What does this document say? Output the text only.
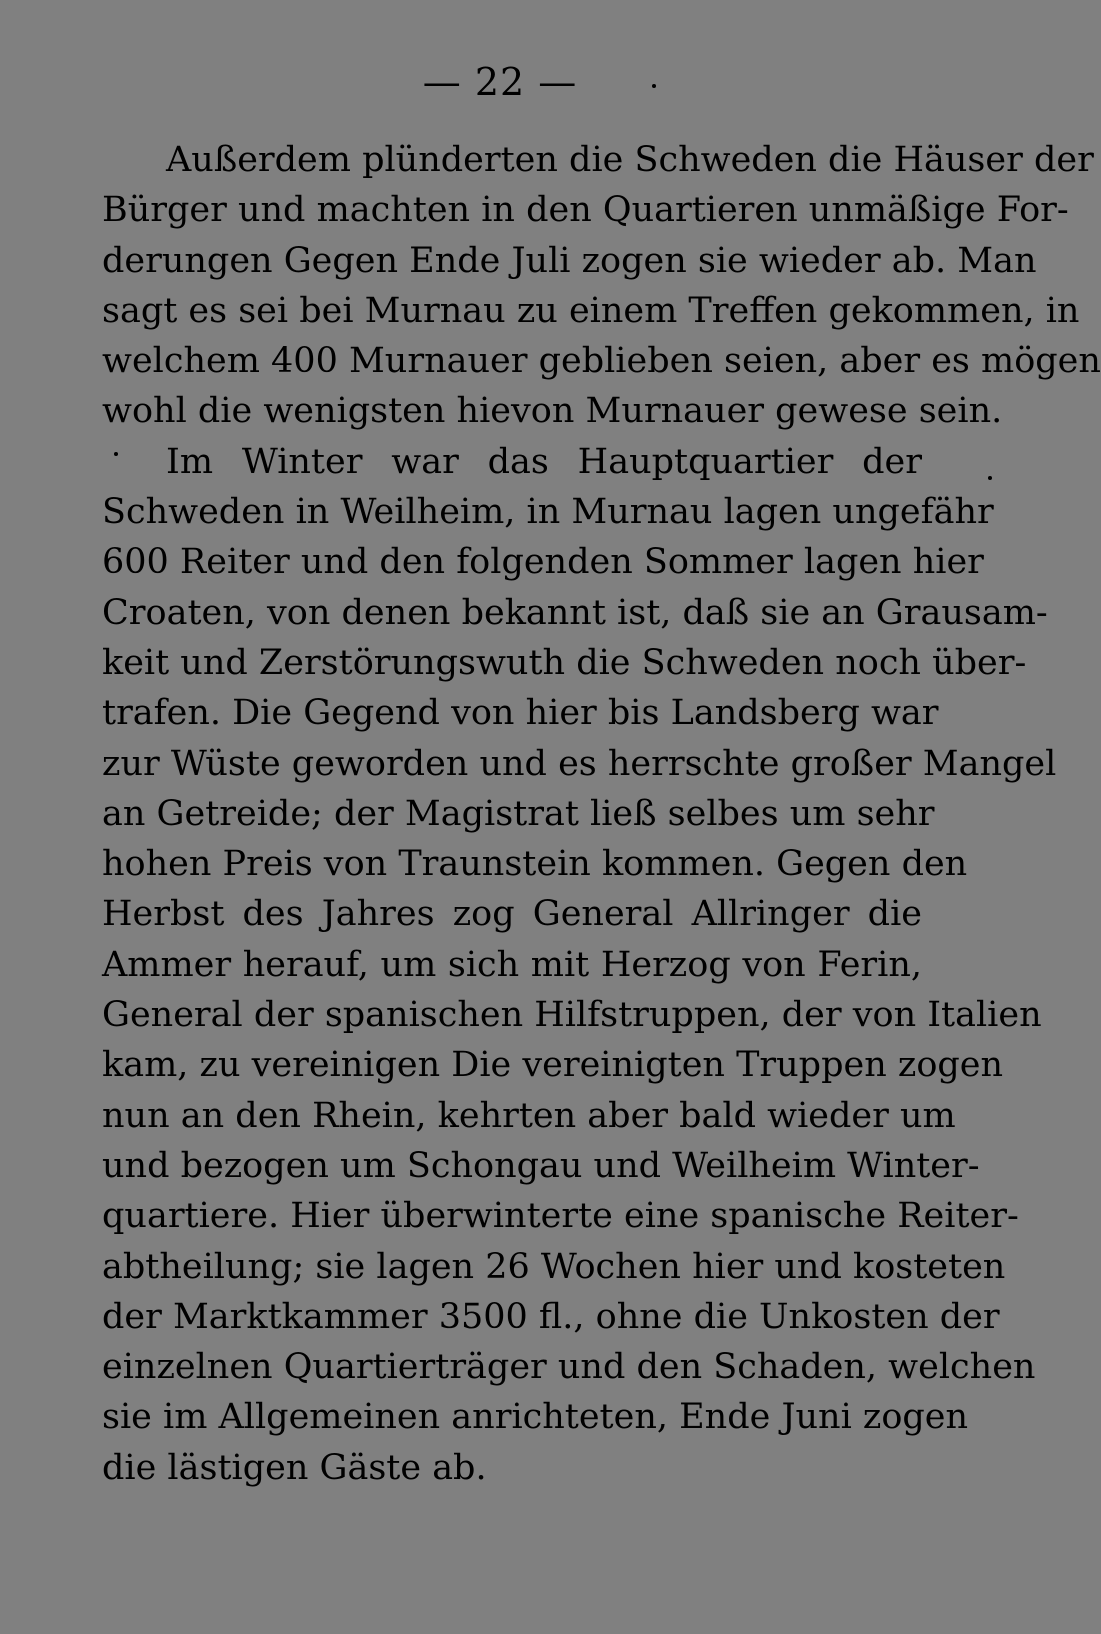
— 22 —
Außerdem plünderten die Schweden die Häuser der
Bürger und machten in den Quartieren unmäßige For-
derungen Gegen Ende Juli zogen sie wieder ab. Man
sagt es sei bei Murnau zu einem Treffen gekommen, in
welchem 400 Murnauer geblieben seien, aber es mögen
wohl die wenigsten hievon Murnauer gewese sein.
Im Winter war das Hauptquartier der
Schweden in Weilheim, in Murnau lagen ungefähr
600 Reiter und den folgenden Sommer lagen hier
Croaten, von denen bekannt ist, daß sie an Grausam-
keit und Zerstörungswuth die Schweden noch über-
trafen. Die Gegend von hier bis Landsberg war
zur Wüste geworden und es herrschte großer Mangel
an Getreide; der Magistrat ließ selbes um sehr
hohen Preis von Traunstein kommen. Gegen den
Herbst des Jahres zog General Allringer die
Ammer herauf, um sich mit Herzog von Ferin,
General der spanischen Hilfstruppen, der von Italien
kam, zu vereinigen Die vereinigten Truppen zogen
nun an den Rhein, kehrten aber bald wieder um
und bezogen um Schongau und Weilheim Winter-
quartiere. Hier überwinterte eine spanische Reiter-
abtheilung; sie lagen 26 Wochen hier und kosteten
der Marktkammer 3500 fl., ohne die Unkosten der
einzelnen Quartierträger und den Schaden, welchen
sie im Allgemeinen anrichteten, Ende Juni zogen
die lästigen Gäste ab.
